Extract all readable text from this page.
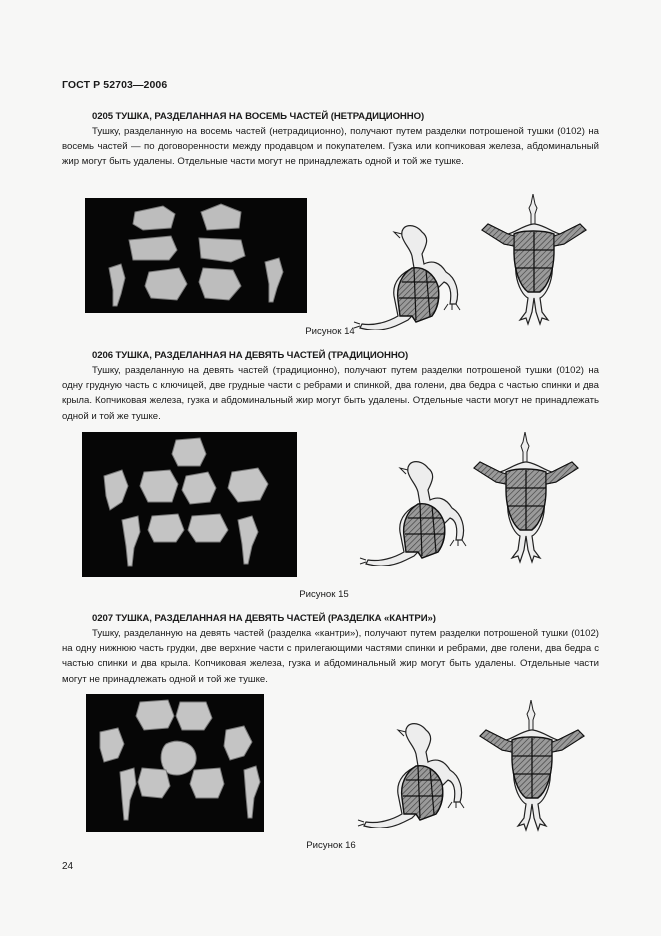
ГОСТ Р 52703—2006
0205 ТУШКА, РАЗДЕЛАННАЯ НА ВОСЕМЬ ЧАСТЕЙ (НЕТРАДИЦИОННО)

Тушку, разделанную на восемь частей (нетрадиционно), получают путем разделки потрошеной тушки (0102) на восемь частей — по договоренности между продавцом и покупателем. Гузка или копчиковая железа, абдоминальный жир могут быть удалены. Отдельные части могут не принадлежать одной и той же тушке.

Рисунок 14
0206 ТУШКА, РАЗДЕЛАННАЯ НА ДЕВЯТЬ ЧАСТЕЙ (ТРАДИЦИОННО)

Тушку, разделанную на девять частей (традиционно), получают путем разделки потрошеной тушки (0102) на одну грудную часть с ключицей, две грудные части с ребрами и спинкой, два голени, два бедра с частью спинки и два крыла. Копчиковая железа, гузка и абдоминальный жир могут быть удалены. Отдельные части могут не принадлежать одной и той же тушке.

Рисунок 15
0207 ТУШКА, РАЗДЕЛАННАЯ НА ДЕВЯТЬ ЧАСТЕЙ (РАЗДЕЛКА «КАНТРИ»)

Тушку, разделанную на девять частей (разделка «кантри»), получают путем разделки потрошеной тушки (0102) на одну нижнюю часть грудки, две верхние части с прилегающими частями спинки и ребрами, две голени, два бедра с частью спинки и два крыла. Копчиковая железа, гузка и абдоминальный жир могут быть удалены. Отдельные части могут не принадлежать одной и той же тушке.

Рисунок 16
24
